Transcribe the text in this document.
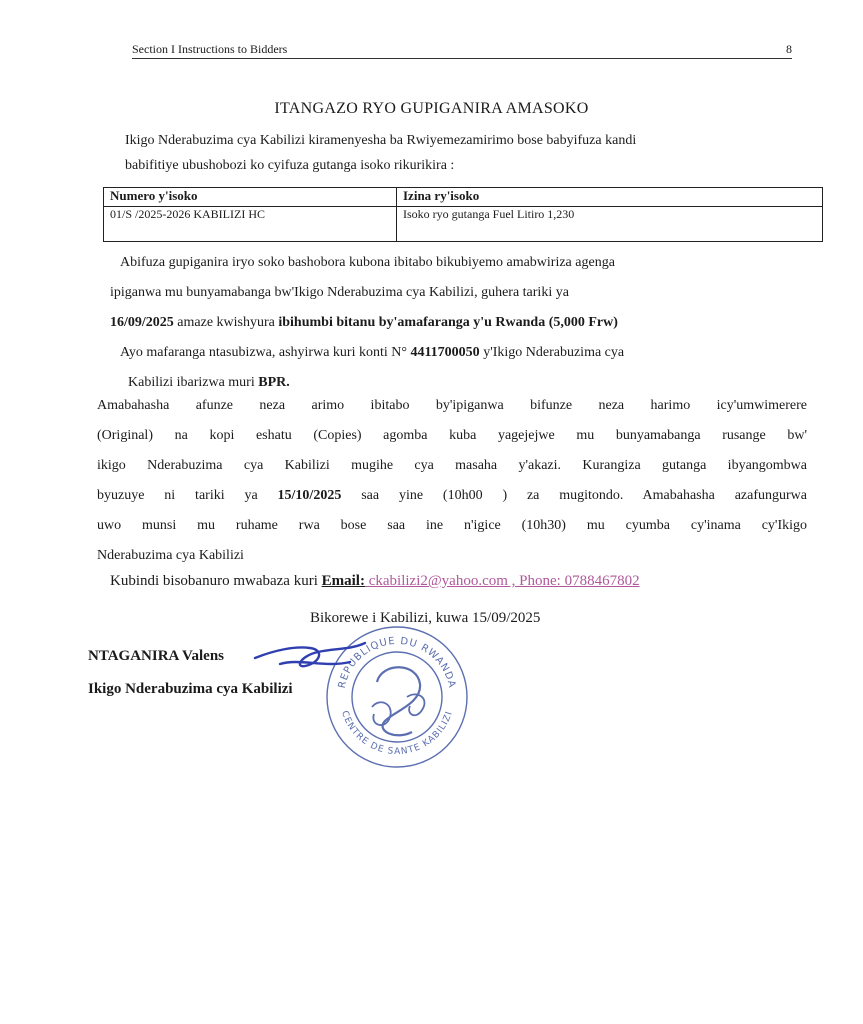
Section I Instructions to Bidders	8
ITANGAZO RYO GUPIGANIRA AMASOKO
Ikigo Nderabuzima cya Kabilizi kiramenyesha ba Rwiyemezamirimo bose babyifuza kandi
babifitiye ubushobozi ko cyifuza gutanga isoko rikurikira :
Numero y'isoko	Izina ry'isoko
01/S /2025-2026 KABILIZI HC	Isoko ryo gutanga Fuel Litiro 1,230
Abifuza gupiganira iryo soko bashobora kubona ibitabo bikubiyemo amabwiriza agenga
ipiganwa mu bunyamabanga bw'Ikigo Nderabuzima cya Kabilizi, guhera tariki ya
16/09/2025 amaze kwishyura ibihumbi bitanu by'amafaranga y'u Rwanda (5,000 Frw)
Ayo mafaranga ntasubizwa, ashyirwa kuri konti N° 4411700050 y'Ikigo Nderabuzima cya
Kabilizi ibarizwa muri BPR.
Amabahasha afunze neza arimo ibitabo by'ipiganwa bifunze neza harimo icy'umwimerere
(Original) na kopi eshatu (Copies) agomba kuba yagejejwe mu bunyamabanga rusange bw'
ikigo Nderabuzima cya Kabilizi mugihe cya masaha y'akazi. Kurangiza gutanga ibyangombwa
byuzuye ni tariki ya 15/10/2025 saa yine (10h00 ) za mugitondo. Amabahasha azafungurwa
uwo munsi mu ruhame rwa bose saa ine n'igice (10h30) mu cyumba cy'inama cy'Ikigo
Nderabuzima cya Kabilizi
Kubindi bisobanuro mwabaza kuri Email: ckabilizi2@yahoo.com , Phone: 0788467802
Bikorewe i Kabilizi, kuwa 15/09/2025
NTAGANIRA Valens
Ikigo Nderabuzima cya Kabilizi	REPUBLIQUE DU RWANDA
CENTRE DE SANTE KABILIZI
